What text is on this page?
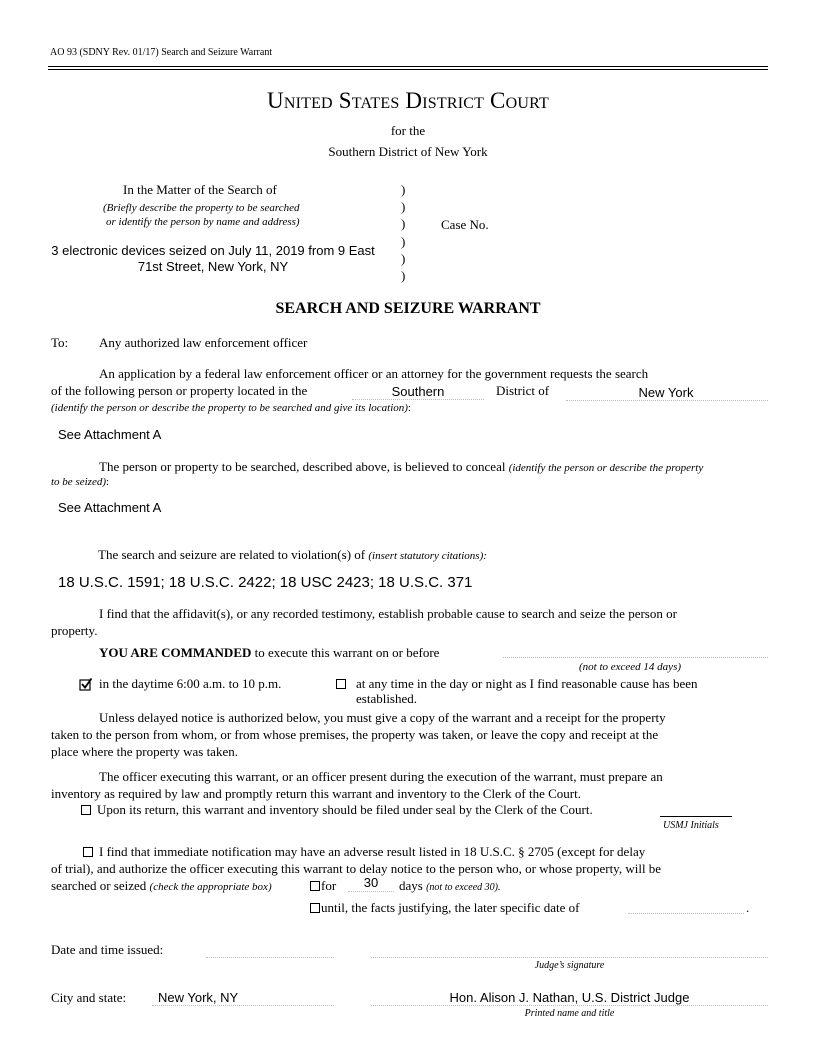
AO 93 (SDNY Rev. 01/17) Search and Seizure Warrant
United States District Court
for the
Southern District of New York
In the Matter of the Search of
(Briefly describe the property to be searched
or identify the person by name and address)
3 electronic devices seized on July 11, 2019 from 9 East
71st Street, New York, NY
)
)
)
)
)
)
Case No.
SEARCH AND SEIZURE WARRANT
To: Any authorized law enforcement officer
An application by a federal law enforcement officer or an attorney for the government requests the search
of the following person or property located in the	Southern	District of	New York
(identify the person or describe the property to be searched and give its location):
See Attachment A
The person or property to be searched, described above, is believed to conceal (identify the person or describe the property
to be seized):
See Attachment A
The search and seizure are related to violation(s) of (insert statutory citations):
18 U.S.C. 1591; 18 U.S.C. 2422; 18 USC 2423; 18 U.S.C. 371
I find that the affidavit(s), or any recorded testimony, establish probable cause to search and seize the person or
property.
YOU ARE COMMANDED to execute this warrant on or before
(not to exceed 14 days)
in the daytime 6:00 a.m. to 10 p.m.	at any time in the day or night as I find reasonable cause has been
established.
Unless delayed notice is authorized below, you must give a copy of the warrant and a receipt for the property
taken to the person from whom, or from whose premises, the property was taken, or leave the copy and receipt at the
place where the property was taken.
The officer executing this warrant, or an officer present during the execution of the warrant, must prepare an
inventory as required by law and promptly return this warrant and inventory to the Clerk of the Court.
Upon its return, this warrant and inventory should be filed under seal by the Clerk of the Court.
USMJ Initials
I find that immediate notification may have an adverse result listed in 18 U.S.C. § 2705 (except for delay
of trial), and authorize the officer executing this warrant to delay notice to the person who, or whose property, will be
searched or seized (check the appropriate box)	for	30	days (not to exceed 30).
until, the facts justifying, the later specific date of	.
Date and time issued:
Judge’s signature
City and state: New York, NY	Hon. Alison J. Nathan, U.S. District Judge
Printed name and title
